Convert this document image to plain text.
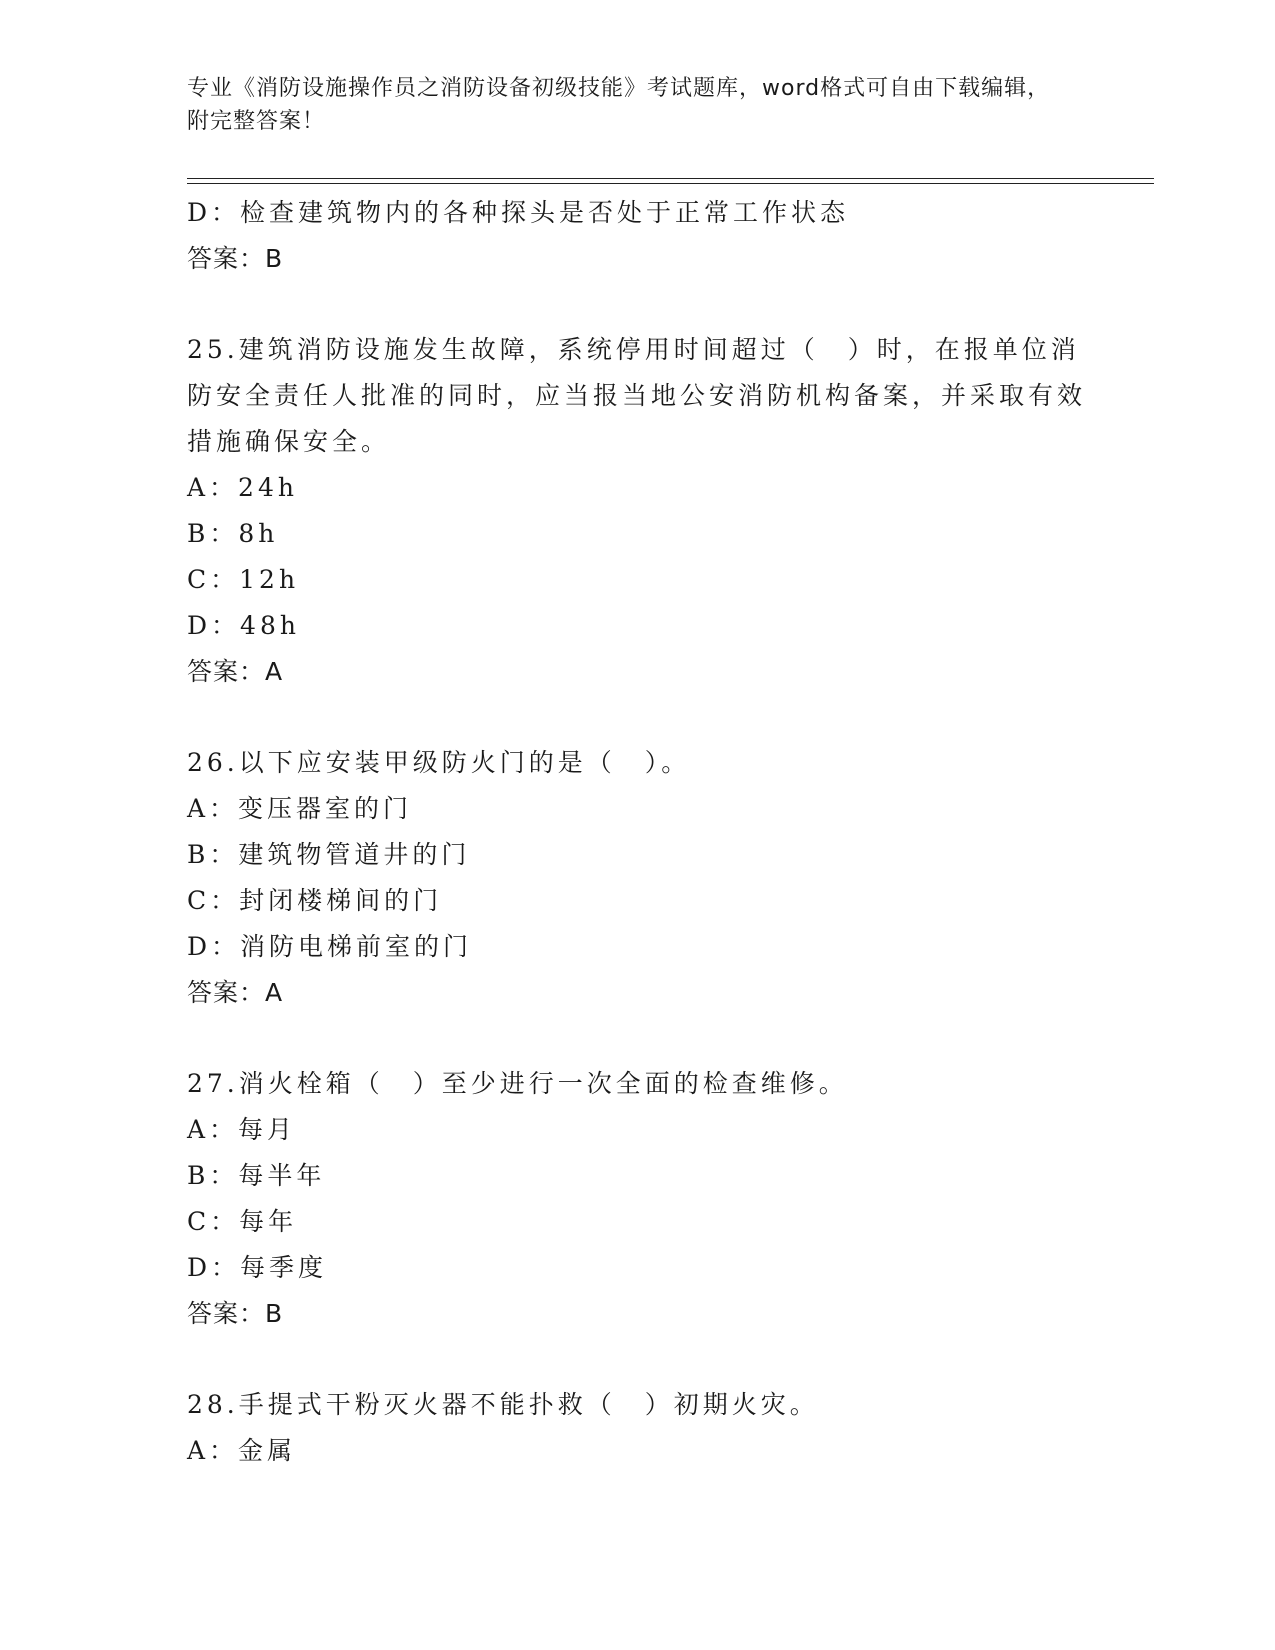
专业《消防设施操作员之消防设备初级技能》考试题库，word格式可自由下载编辑，附完整答案！
D：检查建筑物内的各种探头是否处于正常工作状态
答案：B
25.建筑消防设施发生故障，系统停用时间超过（　）时，在报单位消防安全责任人批准的同时，应当报当地公安消防机构备案，并采取有效措施确保安全。
A：24h
B：8h
C：12h
D：48h
答案：A
26.以下应安装甲级防火门的是（　）。
A：变压器室的门
B：建筑物管道井的门
C：封闭楼梯间的门
D：消防电梯前室的门
答案：A
27.消火栓箱（　）至少进行一次全面的检查维修。
A：每月
B：每半年
C：每年
D：每季度
答案：B
28.手提式干粉灭火器不能扑救（　）初期火灾。
A：金属
